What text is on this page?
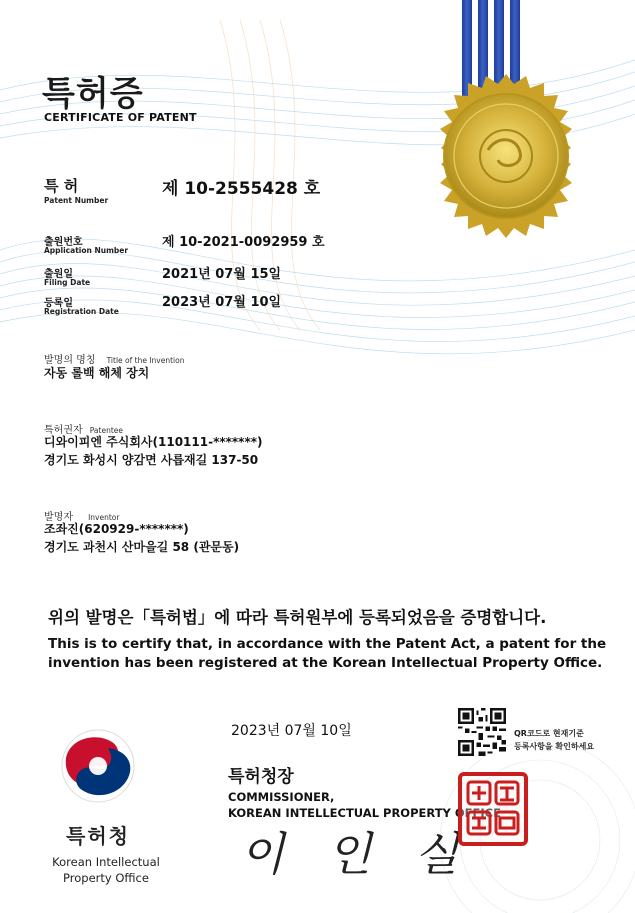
특허증
CERTIFICATE OF PATENT
특 허
Patent Number
제 10-2555428 호
출원번호
Application Number
제 10-2021-0092959 호
출원일
Filing Date
2021년 07월 15일
등록일
Registration Date
2023년 07월 10일
발명의 명칭 Title of the Invention
자동 롤백 해체 장치
특허권자 Patentee
디와이피엔 주식회사(110111-*******)
경기도 화성시 양감면 사릅재길 137-50
발명자 Inventor
조좌진(620929-*******)
경기도 과천시 산마을길 58 (관문동)
위의 발명은「특허법」에 따라 특허원부에 등록되었음을 증명합니다.
This is to certify that, in accordance with the Patent Act, a patent for the
invention has been registered at the Korean Intellectual Property Office.
2023년 07월 10일	QR코드로 현재기준
등록사항을 확인하세요
특허청장
COMMISSIONER,
KOREAN INTELLECTUAL PROPERTY OFFICE
이 인 실
특허청
Korean Intellectual
Property Office
